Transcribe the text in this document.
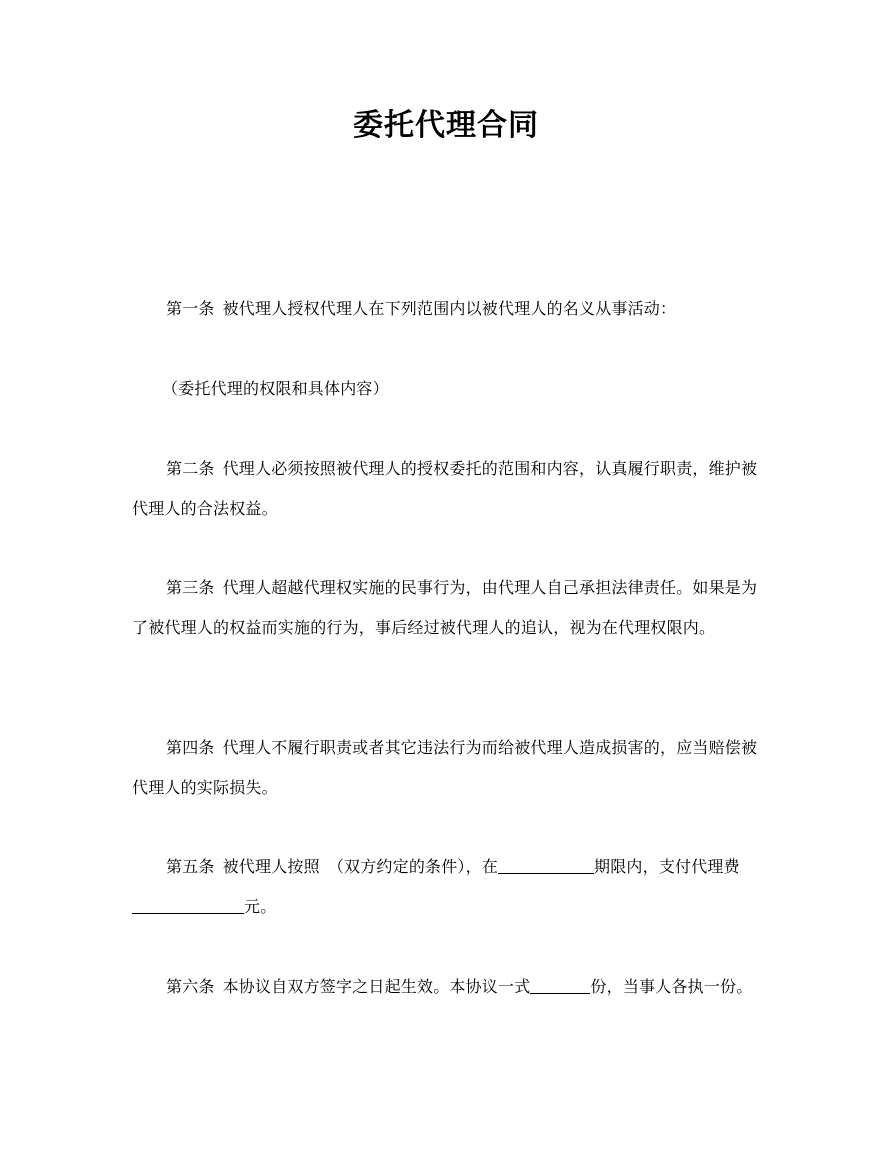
委托代理合同

第一条 被代理人授权代理人在下列范围内以被代理人的名义从事活动：

（委托代理的权限和具体内容）

第二条 代理人必须按照被代理人的授权委托的范围和内容，认真履行职责，维护被代理人的合法权益。

第三条 代理人超越代理权实施的民事行为，由代理人自己承担法律责任。如果是为了被代理人的权益而实施的行为，事后经过被代理人的追认，视为在代理权限内。

第四条 代理人不履行职责或者其它违法行为而给被代理人造成损害的，应当赔偿被代理人的实际损失。

第五条 被代理人按照 （双方约定的条件），在	期限内，支付代理费元。

第六条 本协议自双方签字之日起生效。本协议一式	份，当事人各执一份。
